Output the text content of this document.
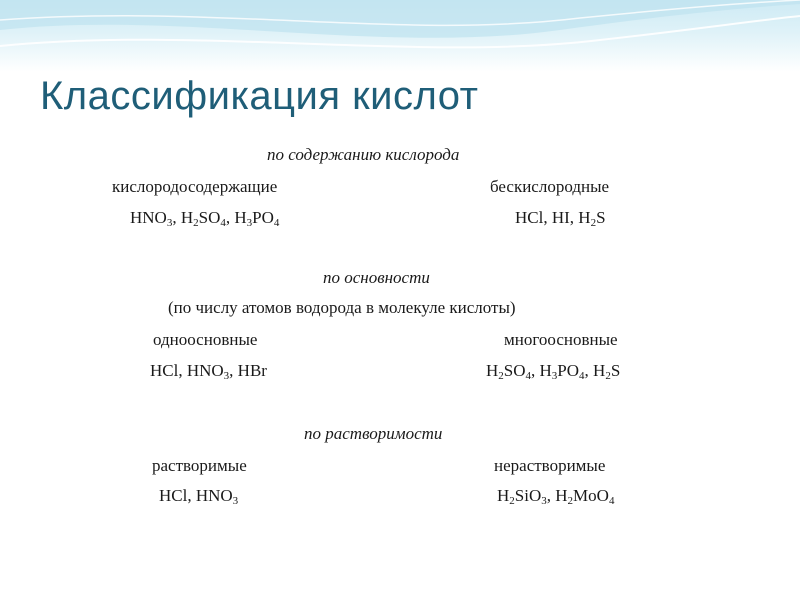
Классификация кислот
по содержанию кислорода
кислородосодержащие	бескислородные
$HNO_3$, $H_2SO_4$, $H_3PO_4$	HCl, HI, $H_2S$
по основности
(по числу атомов водорода в молекуле кислоты)
одноосновные	многоосновные
HCl, $HNO_3$, HBr	$H_2SO_4$, $H_3PO_4$, $H_2S$
по растворимости
растворимые	нерастворимые
HCl, $HNO_3$	$H_2SiO_3$, $H_2MoO_4$
